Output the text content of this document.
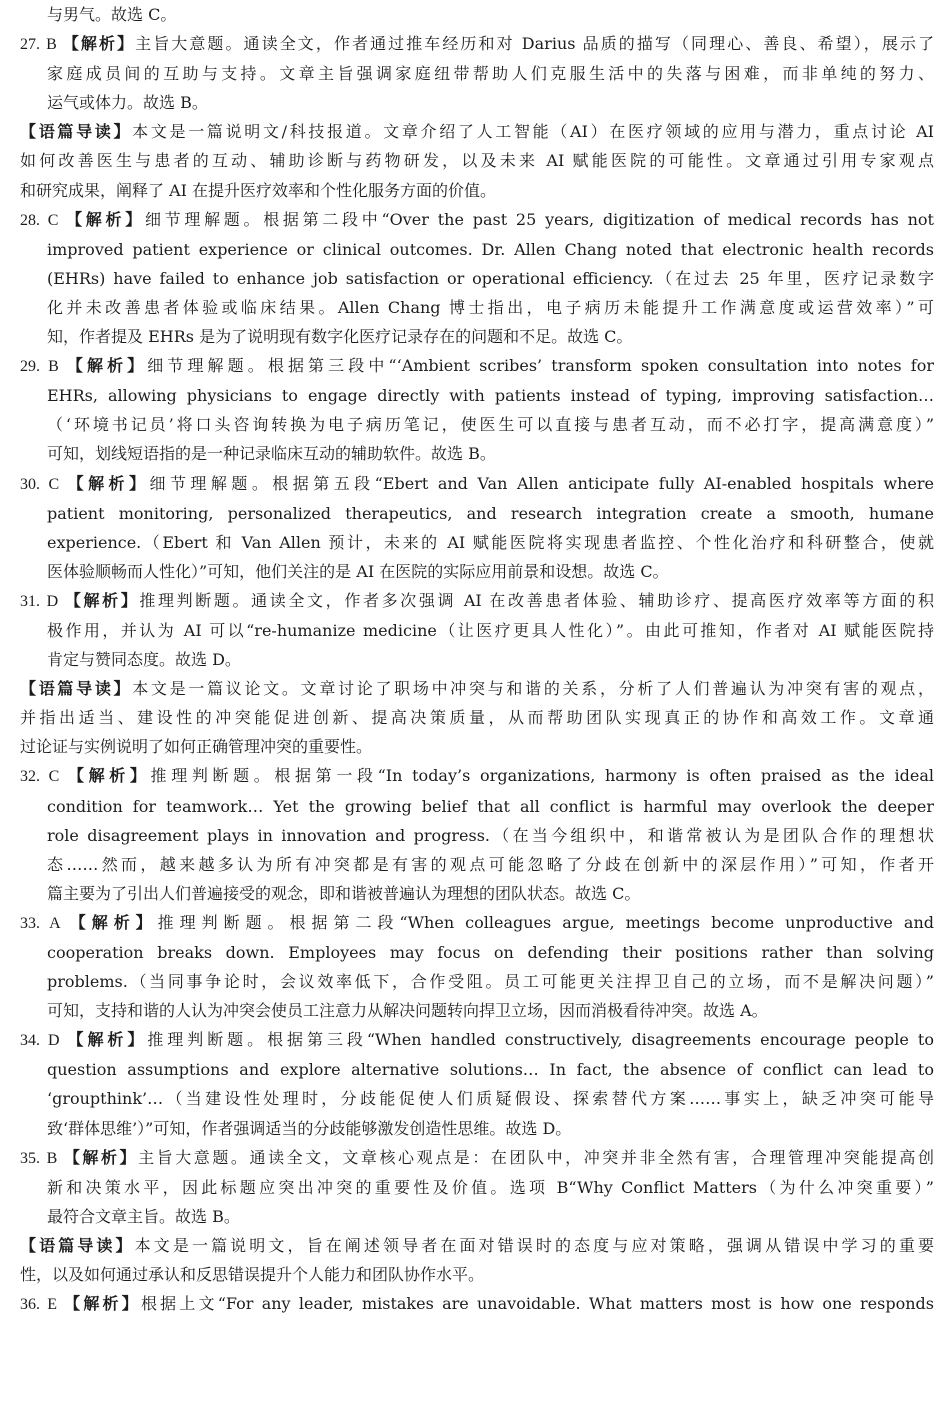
与男气。故选 C。
27. B 【解析】主旨大意题。通读全文，作者通过推车经历和对 Darius 品质的描写（同理心、善良、希望），展示了
家庭成员间的互助与支持。文章主旨强调家庭纽带帮助人们克服生活中的失落与困难，而非单纯的努力、
运气或体力。故选 B。
【语篇导读】本文是一篇说明文/科技报道。文章介绍了人工智能（AI）在医疗领域的应用与潜力，重点讨论 AI
如何改善医生与患者的互动、辅助诊断与药物研发，以及未来 AI 赋能医院的可能性。文章通过引用专家观点
和研究成果，阐释了 AI 在提升医疗效率和个性化服务方面的价值。
28. C 【解析】细节理解题。根据第二段中“Over the past 25 years, digitization of medical records has not
improved patient experience or clinical outcomes. Dr. Allen Chang noted that electronic health records
(EHRs) have failed to enhance job satisfaction or operational efficiency.（在过去 25 年里，医疗记录数字
化并未改善患者体验或临床结果。Allen Chang 博士指出，电子病历未能提升工作满意度或运营效率）”可
知，作者提及 EHRs 是为了说明现有数字化医疗记录存在的问题和不足。故选 C。
29. B 【解析】细节理解题。根据第三段中“‘Ambient scribes’ transform spoken consultation into notes for
EHRs, allowing physicians to engage directly with patients instead of typing, improving satisfaction…
（‘环境书记员’将口头咨询转换为电子病历笔记，使医生可以直接与患者互动，而不必打字，提高满意度）”
可知，划线短语指的是一种记录临床互动的辅助软件。故选 B。
30. C 【解析】细节理解题。根据第五段“Ebert and Van Allen anticipate fully AI-enabled hospitals where
patient monitoring, personalized therapeutics, and research integration create a smooth, humane
experience.（Ebert 和 Van Allen 预计，未来的 AI 赋能医院将实现患者监控、个性化治疗和科研整合，使就
医体验顺畅而人性化）”可知，他们关注的是 AI 在医院的实际应用前景和设想。故选 C。
31. D 【解析】推理判断题。通读全文，作者多次强调 AI 在改善患者体验、辅助诊疗、提高医疗效率等方面的积
极作用，并认为 AI 可以“re-humanize medicine（让医疗更具人性化）”。由此可推知，作者对 AI 赋能医院持
肯定与赞同态度。故选 D。
【语篇导读】本文是一篇议论文。文章讨论了职场中冲突与和谐的关系，分析了人们普遍认为冲突有害的观点，
并指出适当、建设性的冲突能促进创新、提高决策质量，从而帮助团队实现真正的协作和高效工作。文章通
过论证与实例说明了如何正确管理冲突的重要性。
32. C 【解析】推理判断题。根据第一段“In today’s organizations, harmony is often praised as the ideal
condition for teamwork… Yet the growing belief that all conflict is harmful may overlook the deeper
role disagreement plays in innovation and progress.（在当今组织中，和谐常被认为是团队合作的理想状
态……然而，越来越多认为所有冲突都是有害的观点可能忽略了分歧在创新中的深层作用）”可知，作者开
篇主要为了引出人们普遍接受的观念，即和谐被普遍认为理想的团队状态。故选 C。
33. A 【解析】推理判断题。根据第二段“When colleagues argue, meetings become unproductive and
cooperation breaks down. Employees may focus on defending their positions rather than solving
problems.（当同事争论时，会议效率低下，合作受阻。员工可能更关注捍卫自己的立场，而不是解决问题）”
可知，支持和谐的人认为冲突会使员工注意力从解决问题转向捍卫立场，因而消极看待冲突。故选 A。
34. D 【解析】推理判断题。根据第三段“When handled constructively, disagreements encourage people to
question assumptions and explore alternative solutions… In fact, the absence of conflict can lead to
‘groupthink’…（当建设性处理时，分歧能促使人们质疑假设、探索替代方案……事实上，缺乏冲突可能导
致‘群体思维’）”可知，作者强调适当的分歧能够激发创造性思维。故选 D。
35. B 【解析】主旨大意题。通读全文，文章核心观点是：在团队中，冲突并非全然有害，合理管理冲突能提高创
新和决策水平，因此标题应突出冲突的重要性及价值。选项 B“Why Conflict Matters（为什么冲突重要）”
最符合文章主旨。故选 B。
【语篇导读】本文是一篇说明文，旨在阐述领导者在面对错误时的态度与应对策略，强调从错误中学习的重要
性，以及如何通过承认和反思错误提升个人能力和团队协作水平。
36. E 【解析】根据上文“For any leader, mistakes are unavoidable. What matters most is how one responds
